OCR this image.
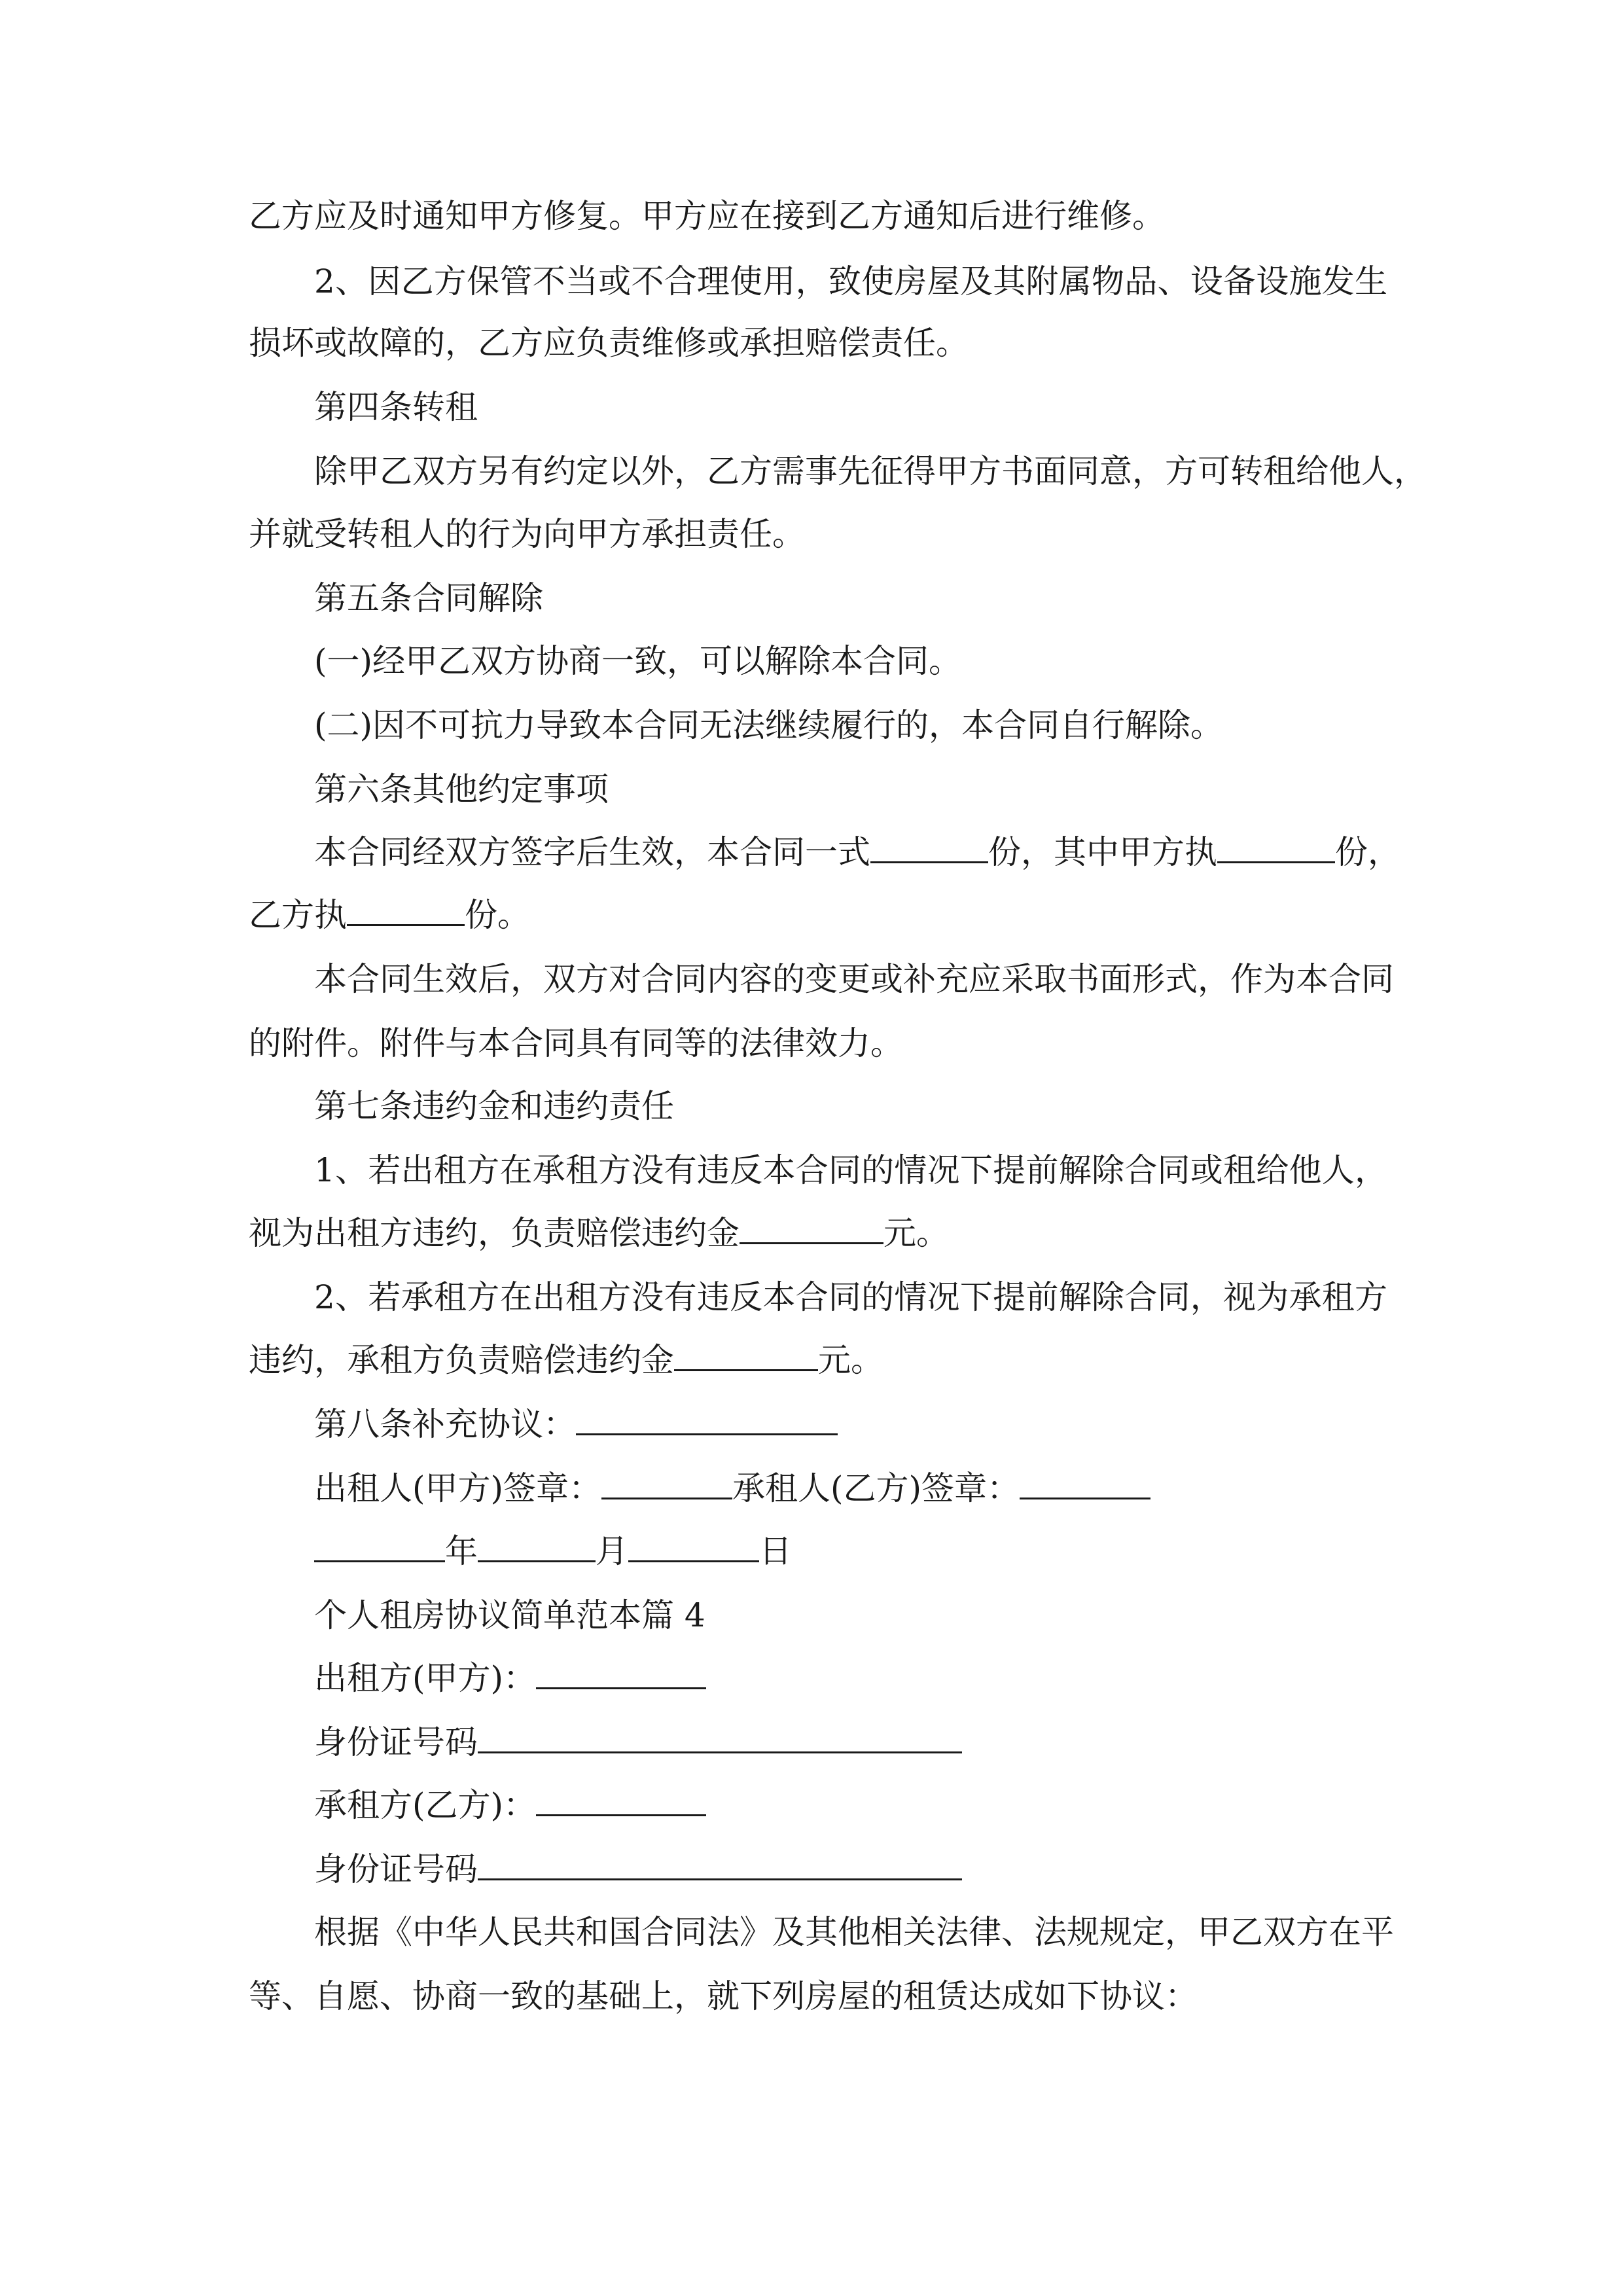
乙方应及时通知甲方修复。甲方应在接到乙方通知后进行维修。
2、因乙方保管不当或不合理使用，致使房屋及其附属物品、设备设施发生
损坏或故障的，乙方应负责维修或承担赔偿责任。
第四条转租
除甲乙双方另有约定以外，乙方需事先征得甲方书面同意，方可转租给他人，
并就受转租人的行为向甲方承担责任。
第五条合同解除
(一)经甲乙双方协商一致，可以解除本合同。
(二)因不可抗力导致本合同无法继续履行的，本合同自行解除。
第六条其他约定事项
本合同经双方签字后生效，本合同一式	份，其中甲方执	份，
乙方执	份。
本合同生效后，双方对合同内容的变更或补充应采取书面形式，作为本合同
的附件。附件与本合同具有同等的法律效力。
第七条违约金和违约责任
1、若出租方在承租方没有违反本合同的情况下提前解除合同或租给他人，
视为出租方违约，负责赔偿违约金	元。
2、若承租方在出租方没有违反本合同的情况下提前解除合同，视为承租方
违约，承租方负责赔偿违约金	元。
第八条补充协议：
出租人(甲方)签章：	承租人(乙方)签章：
年	月	日
个人租房协议简单范本篇 4
出租方(甲方)：
身份证号码
承租方(乙方)：
身份证号码
根据《中华人民共和国合同法》及其他相关法律、法规规定，甲乙双方在平
等、自愿、协商一致的基础上，就下列房屋的租赁达成如下协议：
